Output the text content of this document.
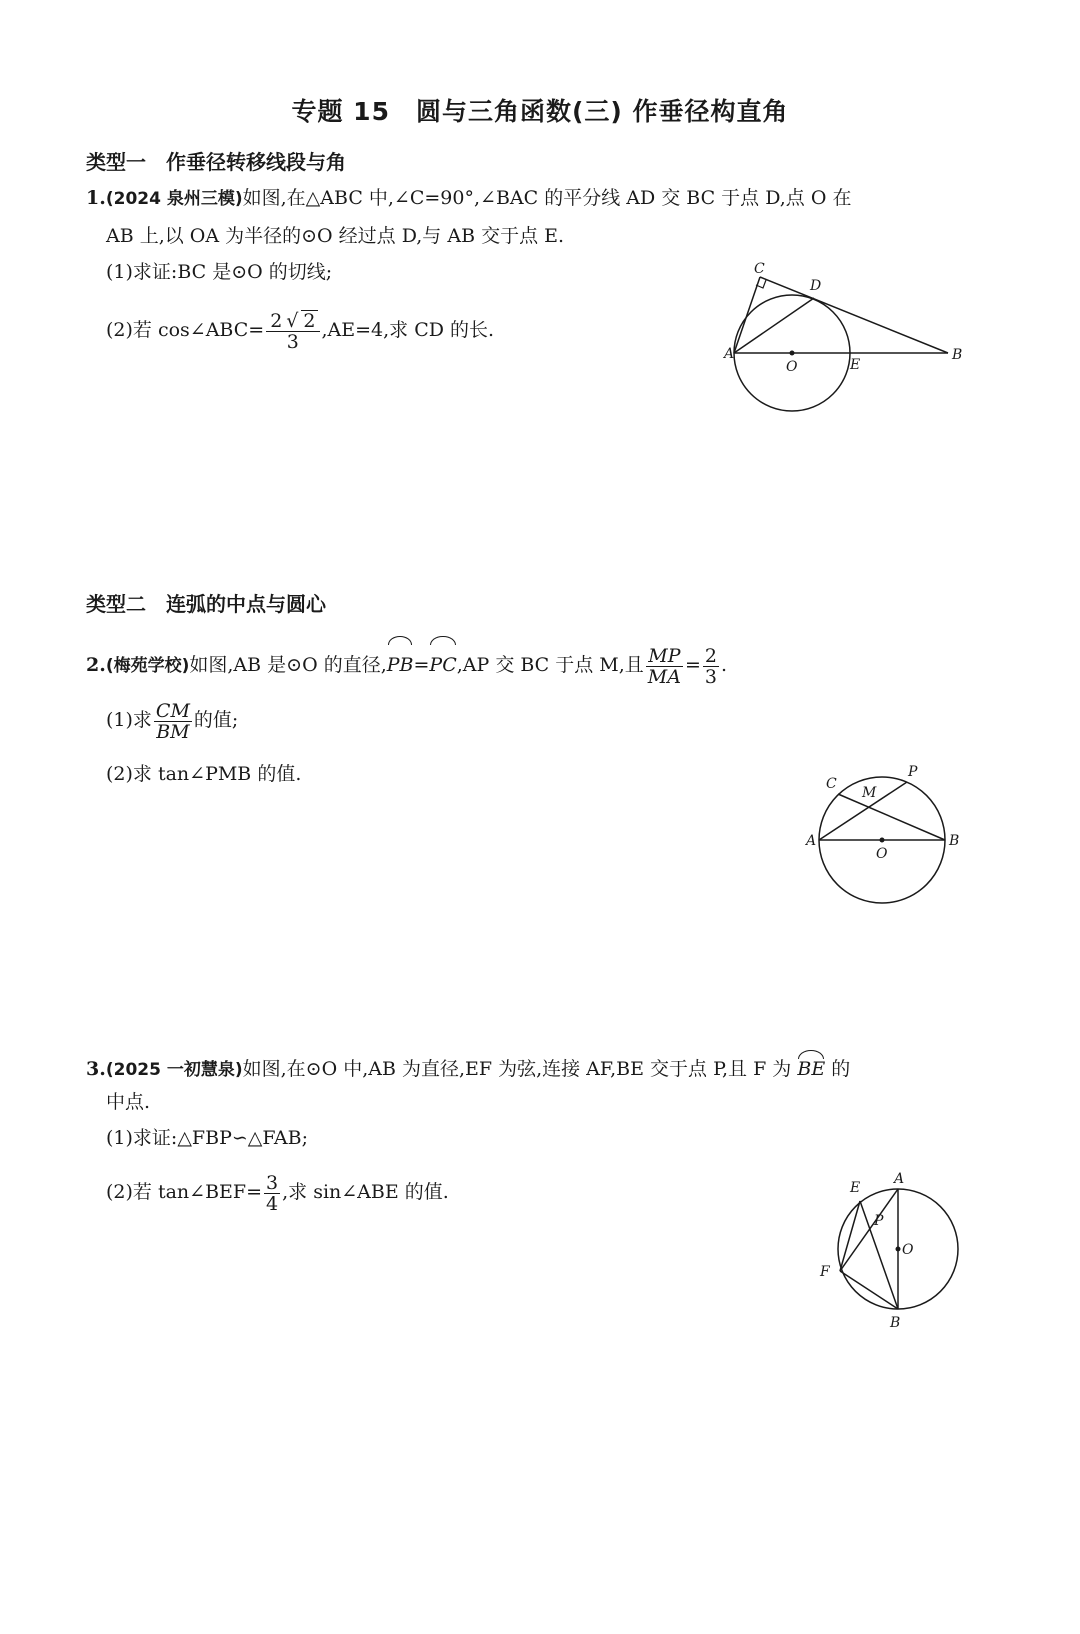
专题 15　圆与三角函数(三) 作垂径构直角
类型一　作垂径转移线段与角
1.(2024 泉州三模)如图,在△ABC 中,∠C=90°,∠BAC 的平分线 AD 交 BC 于点 D,点 O 在
AB 上,以 OA 为半径的⊙O 经过点 D,与 AB 交于点 E.
(1)求证:BC 是⊙O 的切线;
(2)若 cos∠ABC= $\frac{2 √ 2}{3} ,AE=4$,求 CD 的长.
C
D
A
O	E
B
类型二　连弧的中点与圆心
2.(梅苑学校)如图,AB 是⊙O 的直径,PB=PC,AP 交 BC 于点 M,且 $\frac{MP}{MA} = \frac{2}{3}$ .
(1)求 $\frac{CM}{BM}$ 的值;
(2)求 tan∠PMB 的值.	C
M
P
A	B
O
3.(2025 一初慧泉)如图,在⊙O 中,AB 为直径,EF 为弦,连接 AF,BE 交于点 P,且 F 为 BE 的
中点.
(1)求证:△FBP∽△FAB;
(2)若 tan∠BEF= $\frac{3}{4}$ ,求 sin∠ABE 的值.
A
E
P
O
F
B
